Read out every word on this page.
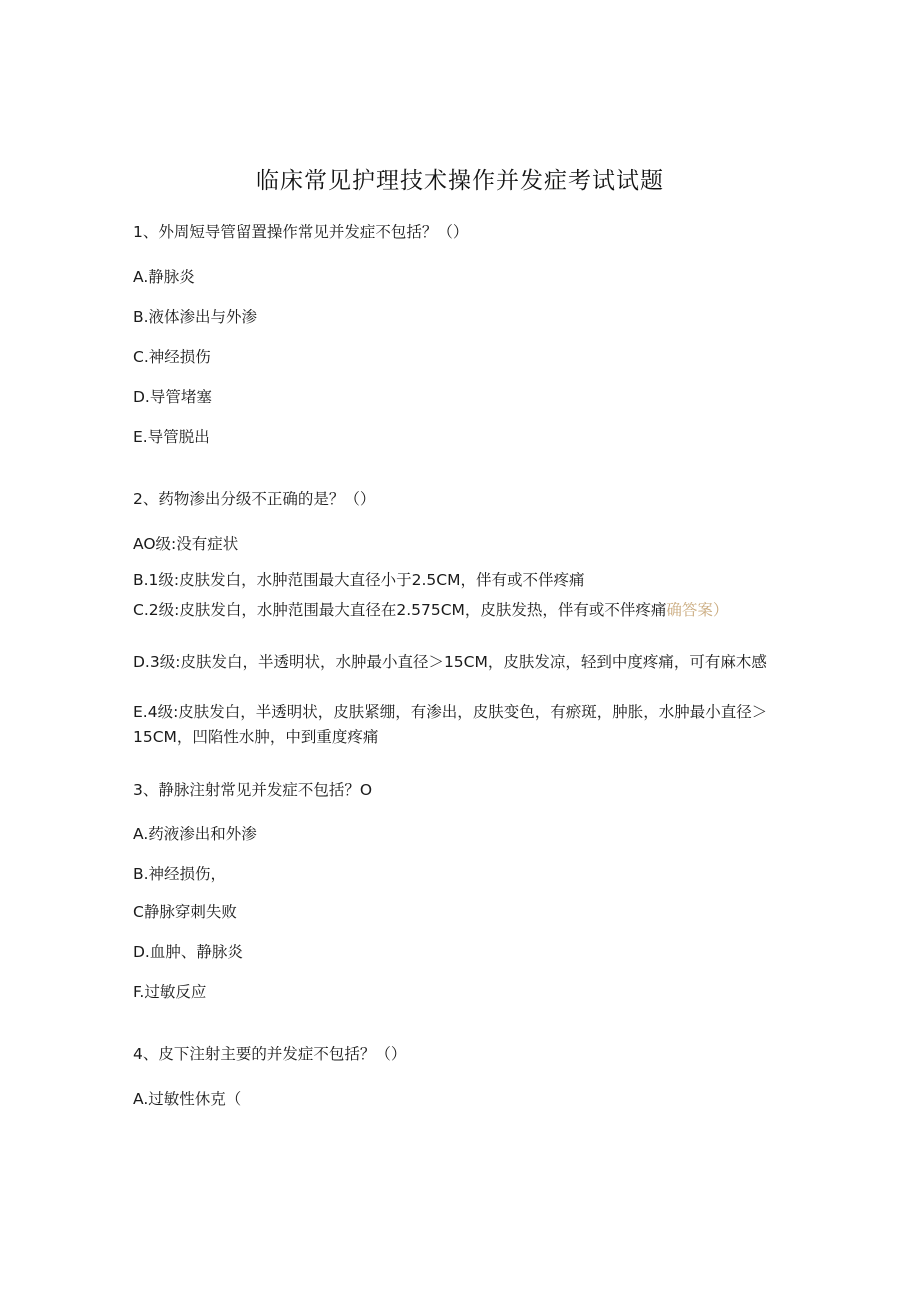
临床常见护理技术操作并发症考试试题
1、外周短导管留置操作常见并发症不包括？（）
A.静脉炎
B.液体渗出与外渗
C.神经损伤
D.导管堵塞
E.导管脱出
2、药物渗出分级不正确的是？（）
AO级:没有症状
B.1级:皮肤发白，水肿范围最大直径小于2.5CM，伴有或不伴疼痛
C.2级:皮肤发白，水肿范围最大直径在2.575CM，皮肤发热，伴有或不伴疼痛确答案）
D.3级:皮肤发白，半透明状，水肿最小直径＞15CM，皮肤发凉，轻到中度疼痛，可有麻木感
E.4级:皮肤发白，半透明状，皮肤紧绷，有渗出，皮肤变色，有瘀斑，肿胀，水肿最小直径＞15CM，凹陷性水肿，中到重度疼痛
3、静脉注射常见并发症不包括？O
A.药液渗出和外渗
B.神经损伤，
C静脉穿刺失败
D.血肿、静脉炎
F.过敏反应
4、皮下注射主要的并发症不包括？（）
A.过敏性休克（
